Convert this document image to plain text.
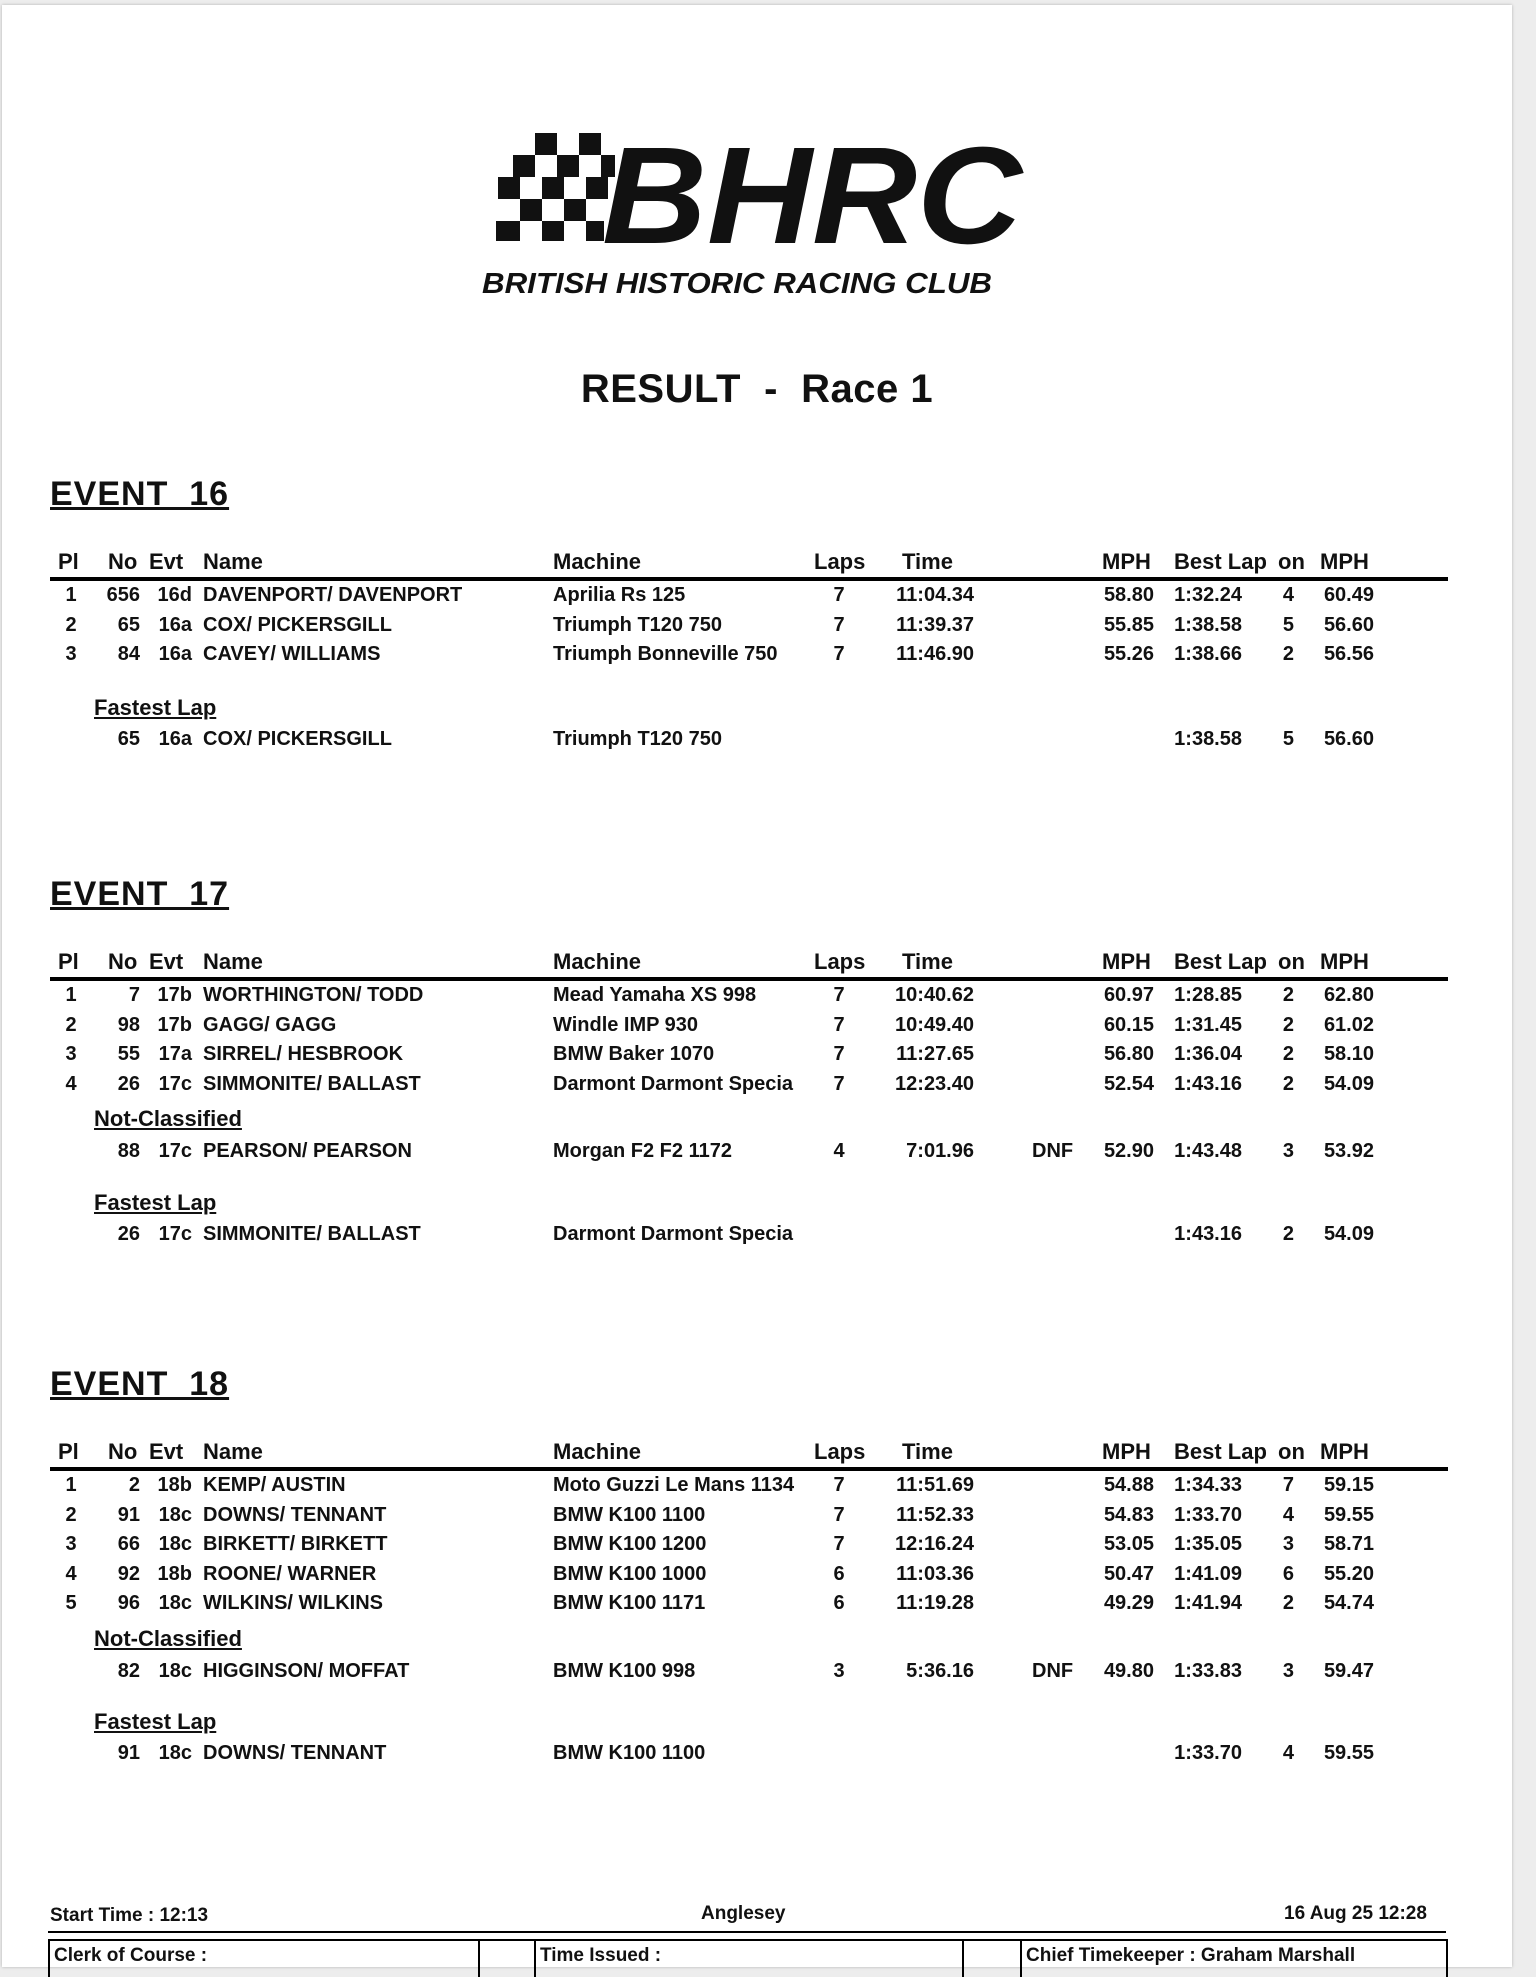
BHRC
BRITISH HISTORIC RACING CLUB
RESULT  -  Race 1
EVENT  16
Pl No Evt Name	Machine	Laps Time	MPH Best Lap on MPH
1	656 16d DAVENPORT/ DAVENPORT	Aprilia Rs 125	7	11:04.34	58.80	1:32.24	4	60.49
2	65 16a COX/ PICKERSGILL	Triumph T120 750	7	11:39.37	55.85	1:38.58	5	56.60
3	84 16a CAVEY/ WILLIAMS	Triumph Bonneville 750	7	11:46.90	55.26	1:38.66	2	56.56
Fastest Lap
65 16a COX/ PICKERSGILL	Triumph T120 750	1:38.58	5	56.60
EVENT  17
Pl No Evt Name	Machine	Laps Time	MPH Best Lap on MPH
1	7 17b WORTHINGTON/ TODD	Mead Yamaha XS 998	7	10:40.62	60.97	1:28.85	2	62.80
2	98 17b GAGG/ GAGG	Windle IMP 930	7	10:49.40	60.15	1:31.45	2	61.02
3	55 17a SIRREL/ HESBROOK	BMW Baker 1070	7	11:27.65	56.80	1:36.04	2	58.10
4	26 17c SIMMONITE/ BALLAST	Darmont Darmont Specia	7	12:23.40	52.54	1:43.16	2	54.09
Not-Classified
88 17c PEARSON/ PEARSON	Morgan F2 F2 1172	4	7:01.96	DNF	52.90	1:43.48	3	53.92
Fastest Lap
26 17c SIMMONITE/ BALLAST	Darmont Darmont Specia	1:43.16	2	54.09
EVENT  18
Pl No Evt Name	Machine	Laps Time	MPH Best Lap on MPH
1	2 18b KEMP/ AUSTIN	Moto Guzzi Le Mans 1134	7	11:51.69	54.88	1:34.33	7	59.15
2	91 18c DOWNS/ TENNANT	BMW K100 1100	7	11:52.33	54.83	1:33.70	4	59.55
3	66 18c BIRKETT/ BIRKETT	BMW K100 1200	7	12:16.24	53.05	1:35.05	3	58.71
4	92 18b ROONE/ WARNER	BMW K100 1000	6	11:03.36	50.47	1:41.09	6	55.20
5	96 18c WILKINS/ WILKINS	BMW K100 1171	6	11:19.28	49.29	1:41.94	2	54.74
Not-Classified
82 18c HIGGINSON/ MOFFAT	BMW K100 998	3	5:36.16	DNF	49.80	1:33.83	3	59.47
Fastest Lap
91 18c DOWNS/ TENNANT	BMW K100 1100	1:33.70	4	59.55
Start Time : 12:13	Anglesey	16 Aug 25 12:28
Clerk of Course :	Time Issued :	Chief Timekeeper : Graham Marshall
